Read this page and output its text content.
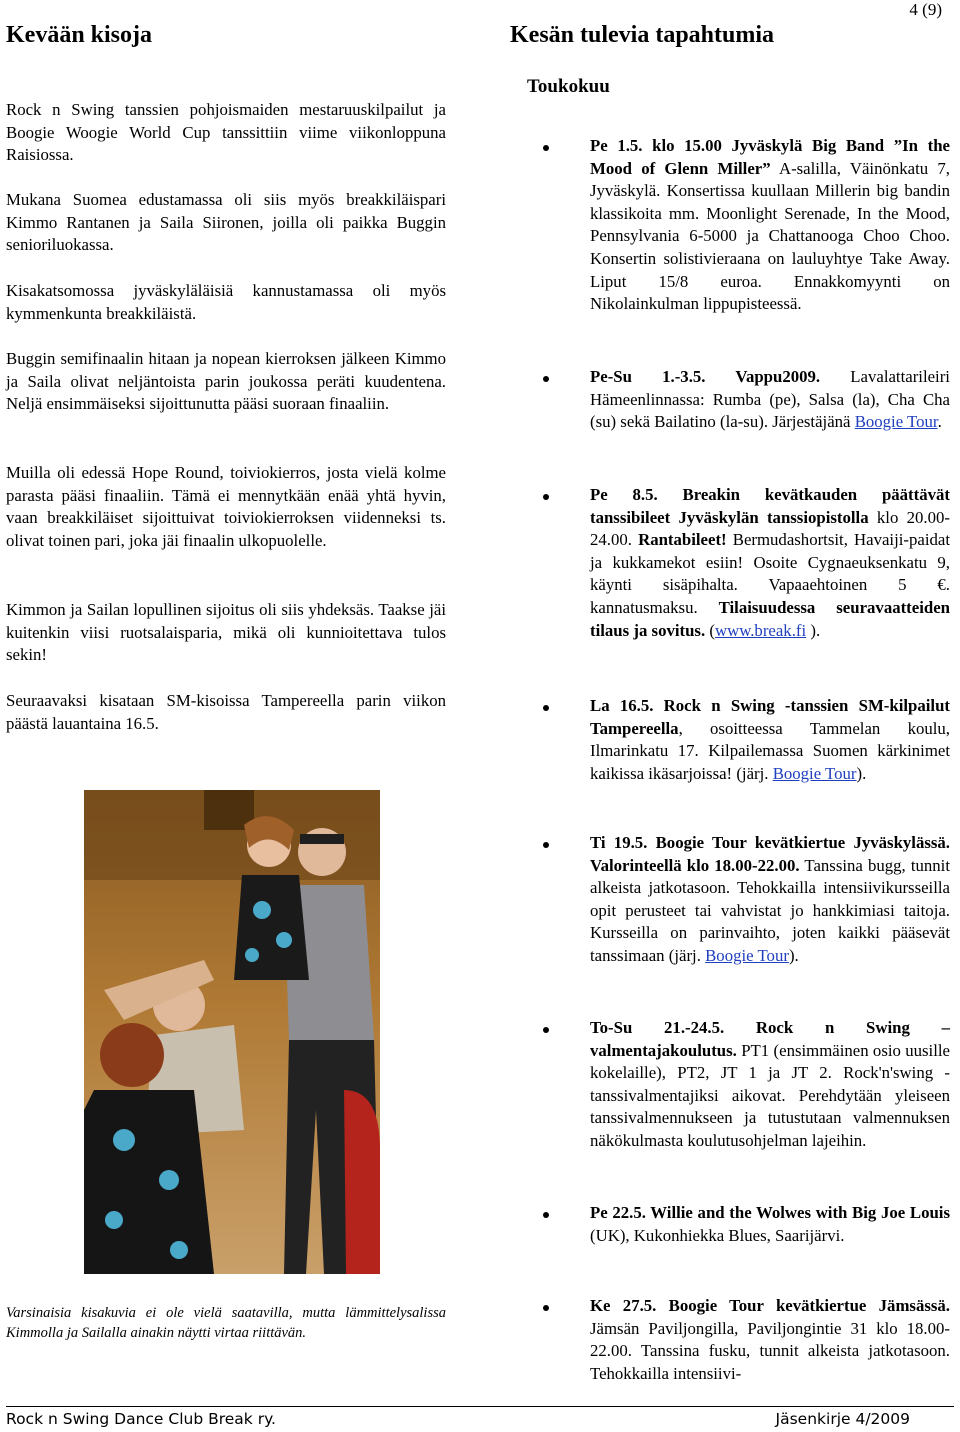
4 (9)
Kevään kisoja	Kesän tulevia tapahtumia
Toukokuu
Rock n Swing tanssien pohjoismaiden mestaruuskilpailut ja Boogie Woogie World Cup tanssittiin viime viikonloppuna Raisiossa.
Mukana Suomea edustamassa oli siis myös breakkiläispari Kimmo Rantanen ja Saila Siironen, joilla oli paikka Buggin senioriluokassa.
Kisakatsomossa jyväskyläläisiä kannustamassa oli myös kymmenkunta breakkiläistä.
Buggin semifinaalin hitaan ja nopean kierroksen jälkeen Kimmo ja Saila olivat neljäntoista parin joukossa peräti kuudentena. Neljä ensimmäiseksi sijoittunutta pääsi suoraan finaaliin.
Muilla oli edessä Hope Round, toiviokierros, josta vielä kolme parasta pääsi finaaliin. Tämä ei mennytkään enää yhtä hyvin, vaan breakkiläiset sijoittuivat toiviokierroksen viidenneksi ts. olivat toinen pari, joka jäi finaalin ulkopuolelle.
Kimmon ja Sailan lopullinen sijoitus oli siis yhdeksäs. Taakse jäi kuitenkin viisi ruotsalaisparia, mikä oli kunnioitettava tulos sekin!
Seuraavaksi kisataan SM-kisoissa Tampereella parin viikon päästä lauantaina 16.5.
Varsinaisia kisakuvia ei ole vielä saatavilla, mutta lämmittelysalissa Kimmolla ja Sailalla ainakin näytti virtaa riittävän.
Pe 1.5. klo 15.00 Jyväskylä Big Band ”In the Mood of Glenn Miller” A-salilla, Väinönkatu 7, Jyväskylä. Konsertissa kuullaan Millerin big bandin klassikoita mm. Moonlight Serenade, In the Mood, Pennsylvania 6-5000 ja Chattanooga Choo Choo. Konsertin solistivieraana on lauluyhtye Take Away. Liput 15/8 euroa. Ennakkomyynti on Nikolainkulman lippupisteessä.
Pe-Su 1.-3.5. Vappu2009. Lavalattarileiri Hämeenlinnassa: Rumba (pe), Salsa (la), Cha Cha (su) sekä Bailatino (la-su). Järjestäjänä Boogie Tour.
Pe 8.5. Breakin kevätkauden päättävät tanssibileet Jyväskylän tanssiopistolla klo 20.00-24.00. Rantabileet! Bermudashortsit, Havaiji-paidat ja kukkamekot esiin! Osoite Cygnaeuksenkatu 9, käynti sisäpihalta. Vapaaehtoinen 5 €. kannatusmaksu. Tilaisuudessa seuravaatteiden tilaus ja sovitus. (www.break.fi ).
La 16.5. Rock n Swing -tanssien SM-kilpailut Tampereella, osoitteessa Tammelan koulu, Ilmarinkatu 17. Kilpailemassa Suomen kärkinimet kaikissa ikäsarjoissa! (järj. Boogie Tour).
Ti 19.5. Boogie Tour kevätkiertue Jyväskylässä. Valorinteellä klo 18.00-22.00. Tanssina bugg, tunnit alkeista jatkotasoon. Tehokkailla intensiivikursseilla opit perusteet tai vahvistat jo hankkimiasi taitoja. Kursseilla on parinvaihto, joten kaikki pääsevät tanssimaan (järj. Boogie Tour).
To-Su 21.-24.5. Rock n Swing – valmentajakoulutus. PT1 (ensimmäinen osio uusille kokelaille), PT2, JT 1 ja JT 2. Rock'n'swing -tanssivalmentajiksi aikovat. Perehdytään yleiseen tanssivalmennukseen ja tutustutaan valmennuksen näkökulmasta koulutusohjelman lajeihin.
Pe 22.5. Willie and the Wolwes with Big Joe Louis (UK), Kukonhiekka Blues, Saarijärvi.
Ke 27.5. Boogie Tour kevätkiertue Jämsässä. Jämsän Paviljongilla, Paviljongintie 31 klo 18.00-22.00. Tanssina fusku, tunnit alkeista jatkotasoon. Tehokkailla intensiivi-
Rock n Swing Dance Club Break ry.	Jäsenkirje 4/2009
